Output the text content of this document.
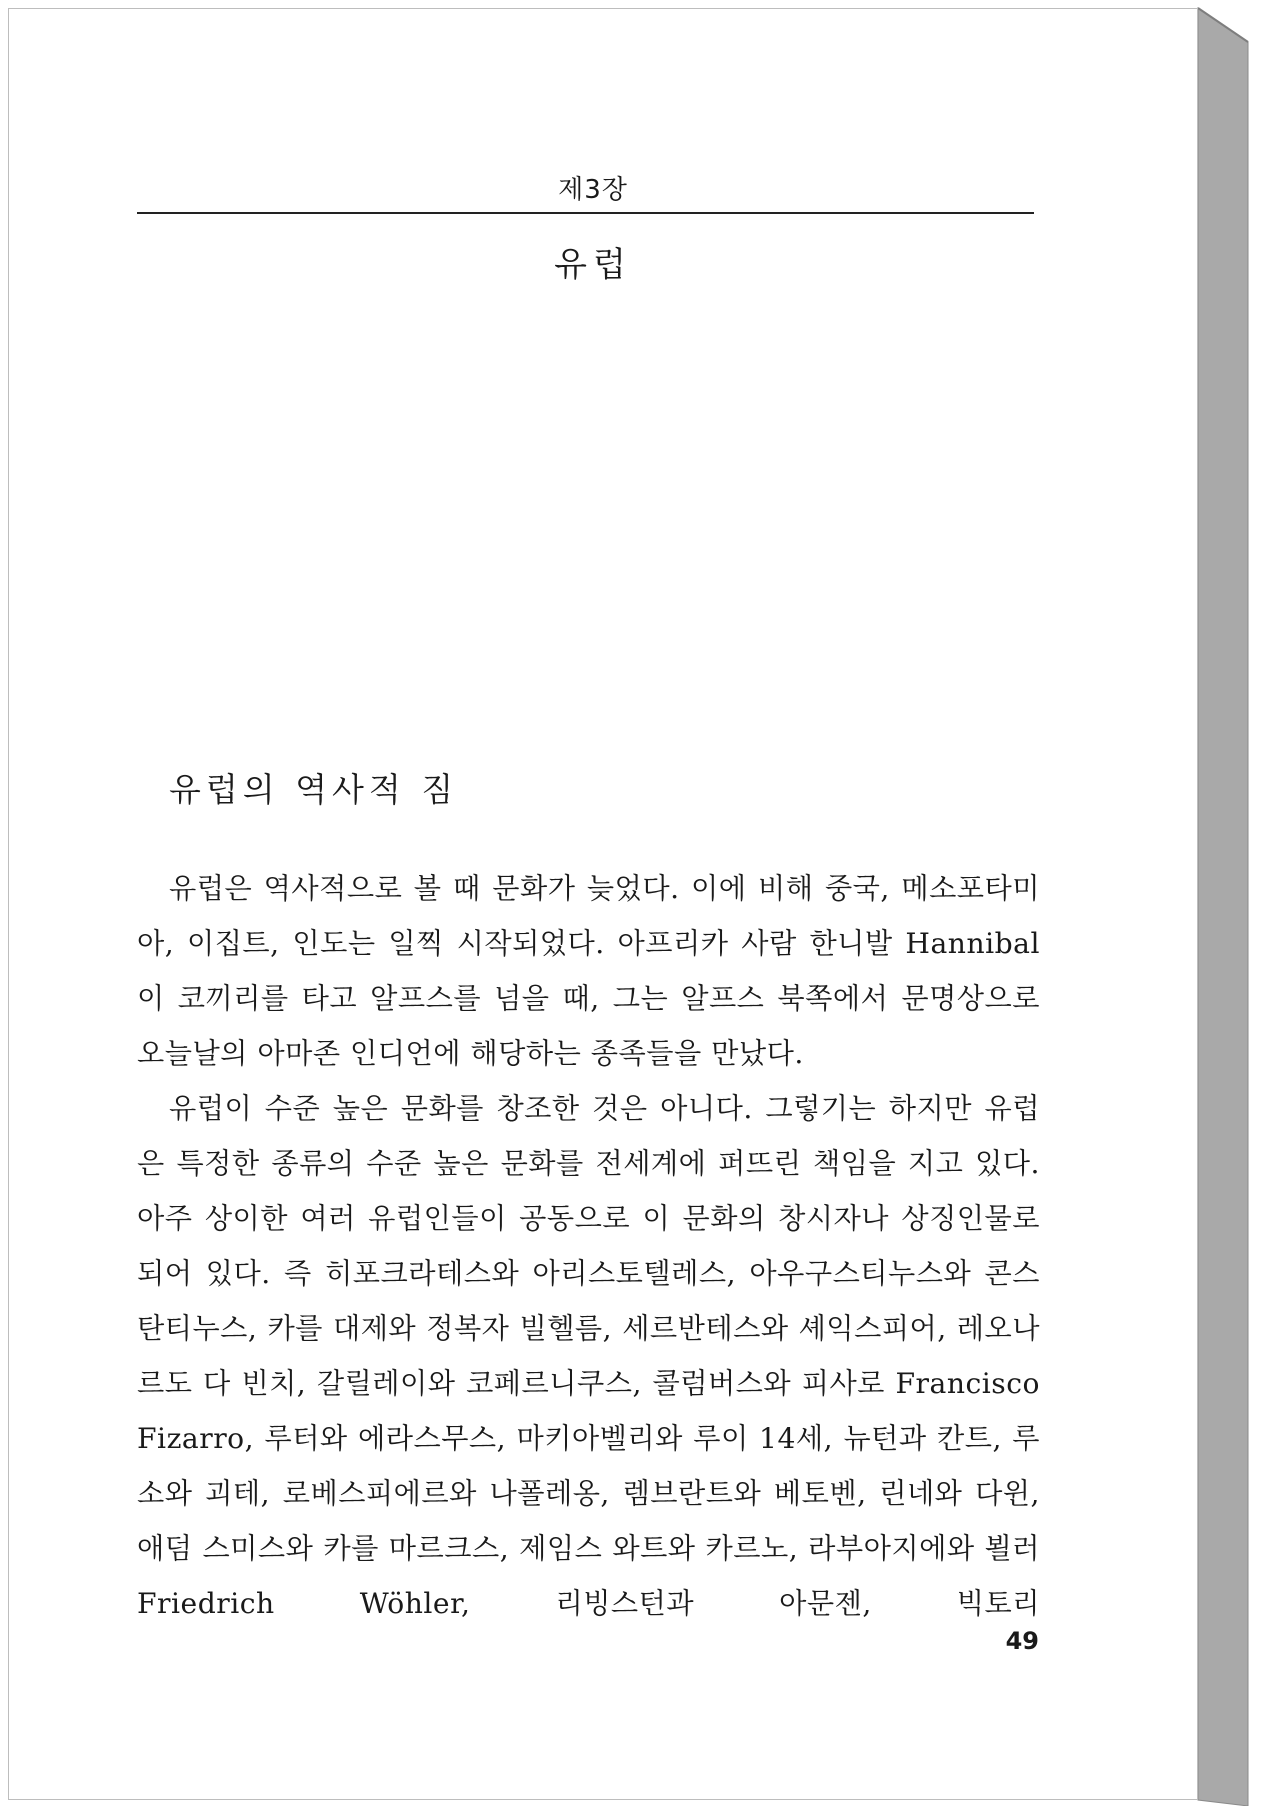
제3장
유럽
유럽의 역사적 짐

유럽은 역사적으로 볼 때 문화가 늦었다. 이에 비해 중국, 메소포타미아, 이집트, 인도는 일찍 시작되었다. 아프리카 사람 한니발 Hannibal이 코끼리를 타고 알프스를 넘을 때, 그는 알프스 북쪽에서 문명상으로 오늘날의 아마존 인디언에 해당하는 종족들을 만났다.

유럽이 수준 높은 문화를 창조한 것은 아니다. 그렇기는 하지만 유럽은 특정한 종류의 수준 높은 문화를 전세계에 퍼뜨린 책임을 지고 있다. 아주 상이한 여러 유럽인들이 공동으로 이 문화의 창시자나 상징인물로 되어 있다. 즉 히포크라테스와 아리스토텔레스, 아우구스티누스와 콘스탄티누스, 카를 대제와 정복자 빌헬름, 세르반테스와 셰익스피어, 레오나르도 다 빈치, 갈릴레이와 코페르니쿠스, 콜럼버스와 피사로 Francisco Fizarro, 루터와 에라스무스, 마키아벨리와 루이 14세, 뉴턴과 칸트, 루소와 괴테, 로베스피에르와 나폴레옹, 렘브란트와 베토벤, 린네와 다윈, 애덤 스미스와 카를 마르크스, 제임스 와트와 카르노, 라부아지에와 뵐러 Friedrich Wöhler, 리빙스턴과 아문젠, 빅토리

49
